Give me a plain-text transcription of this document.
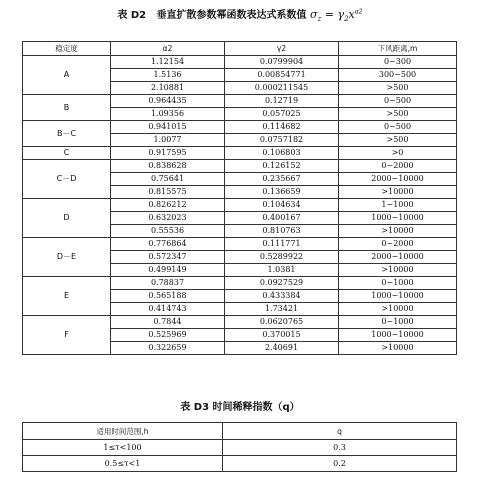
表 D2 垂直扩散参数幂函数表达式系数值 $\sigma_z = \gamma_2x^{\alpha 2}$
稳定度	α2	γ2	下风距离,m
A	1.12154	0.0799904	0~300
	1.5136	0.00854771	300~500
	2.10881	0.000211545	>500
B	0.964435	0.12719	0~500
	1.09356	0.057025	>500
B－C	0.941015	0.114682	0~500
	1.0077	0.0757182	>500
C	0.917595	0.106803	>0
C－D	0.838628	0.126152	0~2000
	0.75641	0.235667	2000~10000
	0.815575	0.136659	>10000
D	0.826212	0.104634	1~1000
	0.632023	0.400167	1000~10000
	0.55536	0.810763	>10000
D－E	0.776864	0.111771	0~2000
	0.572347	0.5289922	2000~10000
	0.499149	1.0381	>10000
E	0.78837	0.0927529	0~1000
	0.565188	0.433384	1000~10000
	0.414743	1.73421	>10000
F	0.7844	0.0620765	0~1000
	0.525969	0.370015	1000~10000
	0.322659	2.40691	>10000
表 D3 时间稀释指数（q）
适用时间范围,h	q
1≤τ<100	0.3
0.5≤τ<1	0.2
